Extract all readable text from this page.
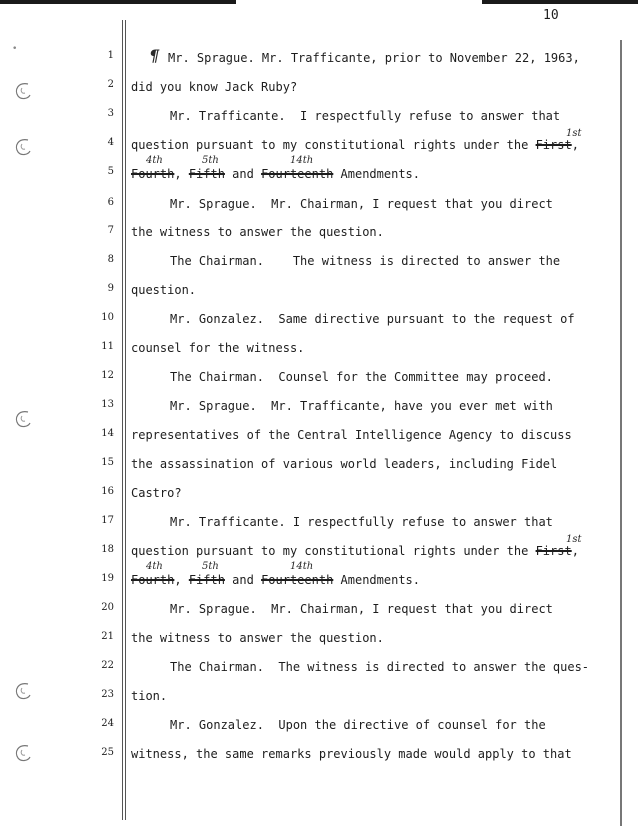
10
•
1
2
3
4
5
6
7
8
9
10
11
12
13
14
15
16
17
18
19
20
21
22
23
24
25
¶
1st
4th	5th	14th
1st
4th	5th	14th
Mr. Sprague. Mr. Trafficante, prior to November 22, 1963,
did you know Jack Ruby?
Mr. Trafficante.  I respectfully refuse to answer that
question pursuant to my constitutional rights under the First,
Fourth, Fifth and Fourteenth Amendments.
Mr. Sprague.  Mr. Chairman, I request that you direct
the witness to answer the question.
The Chairman.    The witness is directed to answer the
question.
Mr. Gonzalez.  Same directive pursuant to the request of
counsel for the witness.
The Chairman.  Counsel for the Committee may proceed.
Mr. Sprague.  Mr. Trafficante, have you ever met with
representatives of the Central Intelligence Agency to discuss
the assassination of various world leaders, including Fidel
Castro?
Mr. Trafficante. I respectfully refuse to answer that
question pursuant to my constitutional rights under the First,
Fourth, Fifth and Fourteenth Amendments.
Mr. Sprague.  Mr. Chairman, I request that you direct
the witness to answer the question.
The Chairman.  The witness is directed to answer the ques-
tion.
Mr. Gonzalez.  Upon the directive of counsel for the
witness, the same remarks previously made would apply to that
